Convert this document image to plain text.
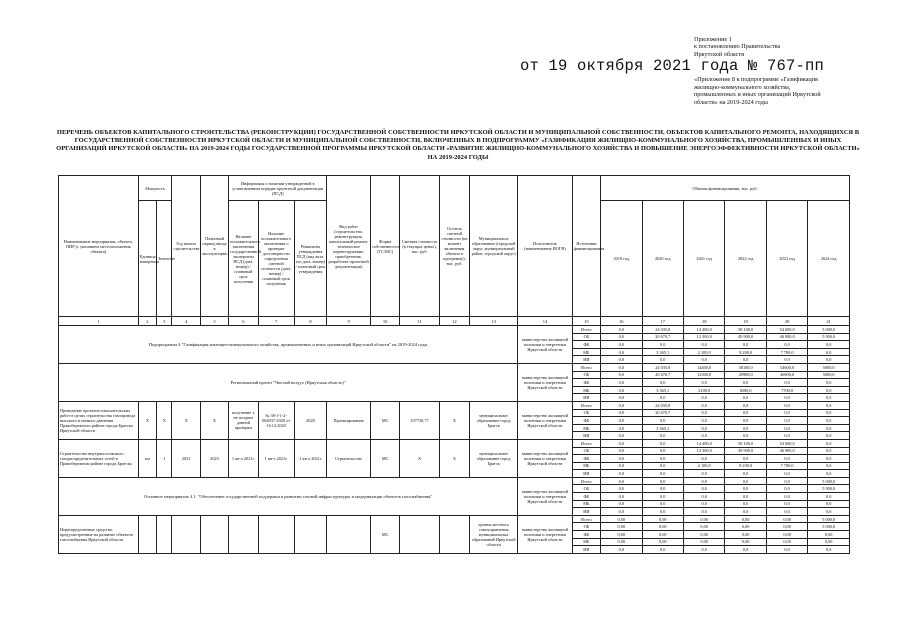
Приложение 1
к постановлению Правительства
Иркутской области
от 19 октября 2021 года № 767-пп
«Приложение 8 к подпрограмме «Газификация
жилищно-коммунального хозяйства,
промышленных и иных организаций Иркутской
области» на 2019-2024 годы
ПЕРЕЧЕНЬ ОБЪЕКТОВ КАПИТАЛЬНОГО СТРОИТЕЛЬСТВА (РЕКОНСТРУКЦИИ) ГОСУДАРСТВЕННОЙ СОБСТВЕННОСТИ ИРКУТСКОЙ ОБЛАСТИ И МУНИЦИПАЛЬНОЙ СОБСТВЕННОСТИ, ОБЪЕКТОВ КАПИТАЛЬНОГО РЕМОНТА, НАХОДЯЩИХСЯ В ГОСУДАРСТВЕННОЙ СОБСТВЕННОСТИ ИРКУТСКОЙ ОБЛАСТИ И МУНИЦИПАЛЬНОЙ СОБСТВЕННОСТИ, ВКЛЮЧЕННЫХ В ПОДПРОГРАММУ «ГАЗИФИКАЦИЯ ЖИЛИЩНО-КОММУНАЛЬНОГО ХОЗЯЙСТВА, ПРОМЫШЛЕННЫХ И ИНЫХ ОРГАНИЗАЦИЙ ИРКУТСКОЙ ОБЛАСТИ» НА 2019-2024 ГОДЫ ГОСУДАРСТВЕННОЙ ПРОГРАММЫ ИРКУТСКОЙ ОБЛАСТИ «РАЗВИТИЕ ЖИЛИЩНО-КОММУНАЛЬНОГО ХОЗЯЙСТВА И ПОВЫШЕНИЕ ЭНЕРГОЭФФЕКТИВНОСТИ ИРКУТСКОЙ ОБЛАСТИ» НА 2019-2024 ГОДЫ
Наименование мероприятия, объекта, ПИР (с указанием местоположения объекта)	Мощность		Год начала строительства	Плановый период ввода в эксплуатацию	Информация о наличии утвержденной в установленном порядке проектной документации (ПСД)			Вид работ (строительство, реконструкция, капитальный ремонт, техническое перевооружение, приобретение, разработка проектной документации)	Форма собственности (ГС/МС)	Сметная стоимость (в текущих ценах), тыс. руб.	Остаток сметной стоимости (на момент включения объекта в программу), тыс. руб.	Муниципальное образование (городской округ, муниципальный район, городской округ)	Исполнитель (наименование ИОГВ)	Источники финансирования	Объемы финансирования, тыс. руб.					
	Единица измерения	Значение			Наличие положительного заключения государственной экспертизы ПСД (дата, номер) / плановый срок получения	Наличие положительного заключения о проверке достоверности определения сметной стоимости (дата, номер) / плановый срок получения	Реквизиты утверждения ПСД (вид акта, его дата, номер) / плановый срок утверждения								2019 год	2020 год	2021 год	2022 год	2023 год	2024 год
1	2	3	4	5	6	7	8	9	10	11	12	13	14	15	16	17	18	19	20	21
Подпрограмма 4 "Газификация жилищно-коммунального хозяйства, промышленных и иных организаций Иркутской области" на 2019-2024 годы													министерство жилищной политики и энергетики Иркутской области	Всего	0,0	24 035,8	14 400,0	58 100,0	54 600,0	5 000,0
														ОБ	0,0	20 670,7	12 300,0	49 900,0	46 900,0	5 000,0
														ФБ	0,0	0,0	0,0	0,0	0,0	0,0
														МБ	0,0	3 365,1	2 100,0	8 200,0	7 700,0	0,0
														ИИ	0,0	0,0	0,0	0,0	0,0	0,0
Региональный проект "Чистый воздух (Иркутская область)"													министерство жилищной политики и энергетики Иркутской области	Всего	0,0	24 035,8	14400,0	58100,0	54600,0	5000,0
														ОБ	0,0	20 670,7	12300,0	49900,0	46900,0	5000,0
														ФБ	0,0	0,0	0,0	0,0	0,0	0,0
														МБ	0,0	3 365,1	2100,0	8200,0	7700,0	0,0
														ИИ	0,0	0,0	0,0	0,0	0,0	0,0
Проведение проектно-изыскательских работ в целях строительства газопровода высокого и низкого давления Правобережного района города Братска Иркутской области	Х	Х	Х	Х	получение т, не позднее данной проверки	№ 38-1-1-2-064837-2020 от 16.12.2020	2020	Проектирование	МС	107738,77	Х	муниципальное образование город Братск	министерство жилищной политики и энергетики Иркутской области	Всего	0,0	24 035,8	0,0	0,0	0,0	0,0
														ОБ	0,0	20 670,7	0,0	0,0	0,0	0,0
														ФБ	0,0	0,0	0,0	0,0	0,0	0,0
														МБ	0,0	3 365,1	0,0	0,0	0,0	0,0
														ИИ	0,0	0,0	0,0	0,0	0,0	0,0
Строительство внутрипоселкового газораспределительных сетей в Правобережном районе города Братска	км	1	2021	2023	1 кв-л 2021г.	1 кв-л 2021г.	1 кв-л 2021г	Строительство	МС	Х	Х	муниципальное образование город Братск	министерство жилищной политики и энергетики Иркутской области	Всего	0,0	0,0	14 400,0	58 100,0	54 600,0	0,0
														ОБ	0,0	0,0	12 300,0	49 900,0	46 900,0	0,0
														ФБ	0,0	0,0	0,0	0,0	0,0	0,0
														МБ	0,0	0,0	2 100,0	8 200,0	7 700,0	0,0
														ИИ	0,0	0,0	0,0	0,0	0,0	0,0
Основное мероприятие 4.1. "Обеспечение государственной поддержки в развитии газовой инфраструктуры и модернизации объектов газоснабжения"													министерство жилищной политики и энергетики Иркутской области	Всего	0,0	0,0	0,0	0,0	0,0	5 000,0
														ОБ	0,0	0,0	0,0	0,0	0,0	5 000,0
														ФБ	0,0	0,0	0,0	0,0	0,0	0,0
														МБ	0,0	0,0	0,0	0,0	0,0	0,0
														ИИ	0,0	0,0	0,0	0,0	0,0	0,0
Нераспределенные средства, предусмотренные на развитие объектов газоснабжения Иркутской области									МС			органы местного самоуправления муниципальных образований Иркутской области	министерство жилищной политики и энергетики Иркутской области	Всего	0,00	0,00	0,00	0,00	0,00	5 000,0
														ОБ	0,00	0,00	0,00	0,00	0,00	5 000,0
														ФБ	0,00	0,00	0,00	0,00	0,00	0,00
														МБ	0,00	0,00	0,00	0,00	0,00	0,00
														ИИ	0,0	0,0	0,0	0,0	0,0	0,0
